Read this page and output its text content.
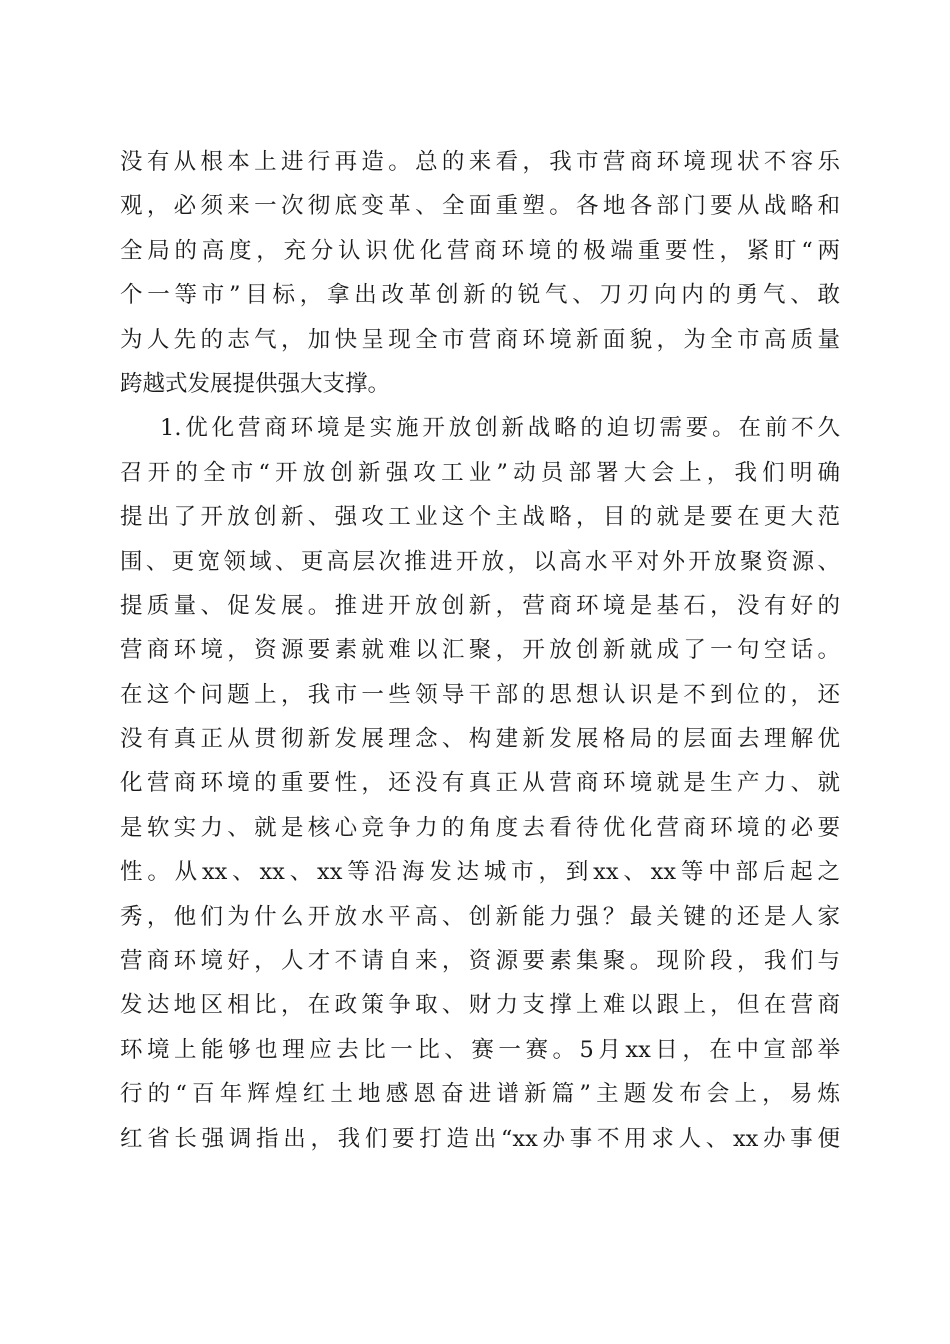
没有从根本上进行再造。总的来看，我市营商环境现状不容乐
观，必须来一次彻底变革、全面重塑。各地各部门要从战略和
全局的高度，充分认识优化营商环境的极端重要性，紧盯“两
个一等市”目标，拿出改革创新的锐气、刀刃向内的勇气、敢
为人先的志气，加快呈现全市营商环境新面貌，为全市高质量
跨越式发展提供强大支撑。
1.优化营商环境是实施开放创新战略的迫切需要。在前不久
召开的全市“开放创新强攻工业”动员部署大会上，我们明确
提出了开放创新、强攻工业这个主战略，目的就是要在更大范
围、更宽领域、更高层次推进开放，以高水平对外开放聚资源、
提质量、促发展。推进开放创新，营商环境是基石，没有好的
营商环境，资源要素就难以汇聚，开放创新就成了一句空话。
在这个问题上，我市一些领导干部的思想认识是不到位的，还
没有真正从贯彻新发展理念、构建新发展格局的层面去理解优
化营商环境的重要性，还没有真正从营商环境就是生产力、就
是软实力、就是核心竞争力的角度去看待优化营商环境的必要
性。从xx、xx、xx等沿海发达城市，到xx、xx等中部后起之
秀，他们为什么开放水平高、创新能力强？最关键的还是人家
营商环境好，人才不请自来，资源要素集聚。现阶段，我们与
发达地区相比，在政策争取、财力支撑上难以跟上，但在营商
环境上能够也理应去比一比、赛一赛。5月xx日，在中宣部举
行的“百年辉煌红土地感恩奋进谱新篇”主题发布会上，易炼
红省长强调指出，我们要打造出“xx办事不用求人、xx办事便
